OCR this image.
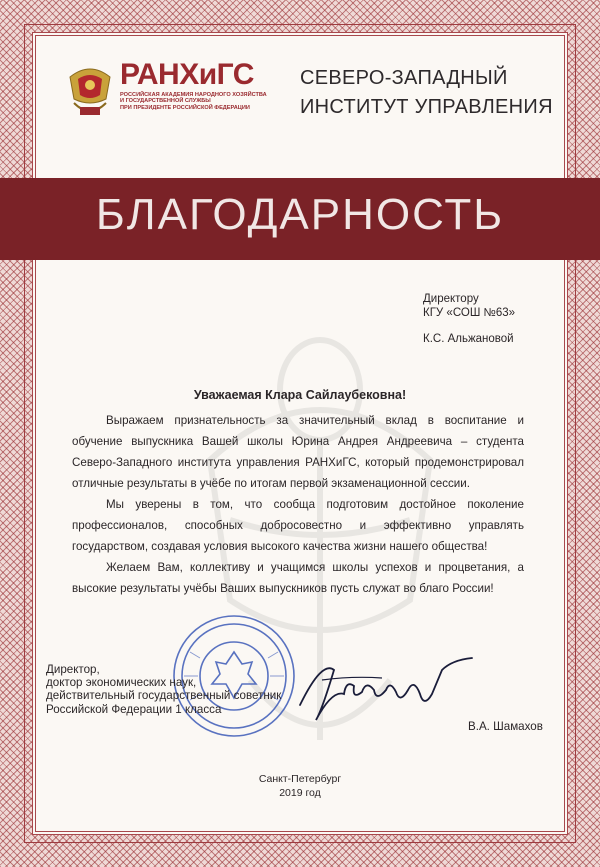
РАНХиГС
РОССИЙСКАЯ АКАДЕМИЯ НАРОДНОГО ХОЗЯЙСТВА
И ГОСУДАРСТВЕННОЙ СЛУЖБЫ
ПРИ ПРЕЗИДЕНТЕ РОССИЙСКОЙ ФЕДЕРАЦИИ
СЕВЕРО-ЗАПАДНЫЙ
ИНСТИТУТ УПРАВЛЕНИЯ
БЛАГОДАРНОСТЬ
Директору
КГУ «СОШ №63»
К.С. Альжановой
Уважаемая Клара Сайлаубековна!

Выражаем признательность за значительный вклад в воспитание и обучение выпускника Вашей школы Юрина Андрея Андреевича – студента Северо-Западного института управления РАНХиГС, который продемонстрировал отличные результаты в учёбе по итогам первой экзаменационной сессии.

Мы уверены в том, что сообща подготовим достойное поколение профессионалов, способных добросовестно и эффективно управлять государством, создавая условия высокого качества жизни нашего общества!

Желаем Вам, коллективу и учащимся школы успехов и процветания, а высокие результаты учёбы Ваших выпускников пусть служат во благо России!

Директор,
доктор экономических наук,
действительный государственный советник
Российской Федерации 1 класса
В.А. Шамахов
Санкт-Петербург
2019 год
